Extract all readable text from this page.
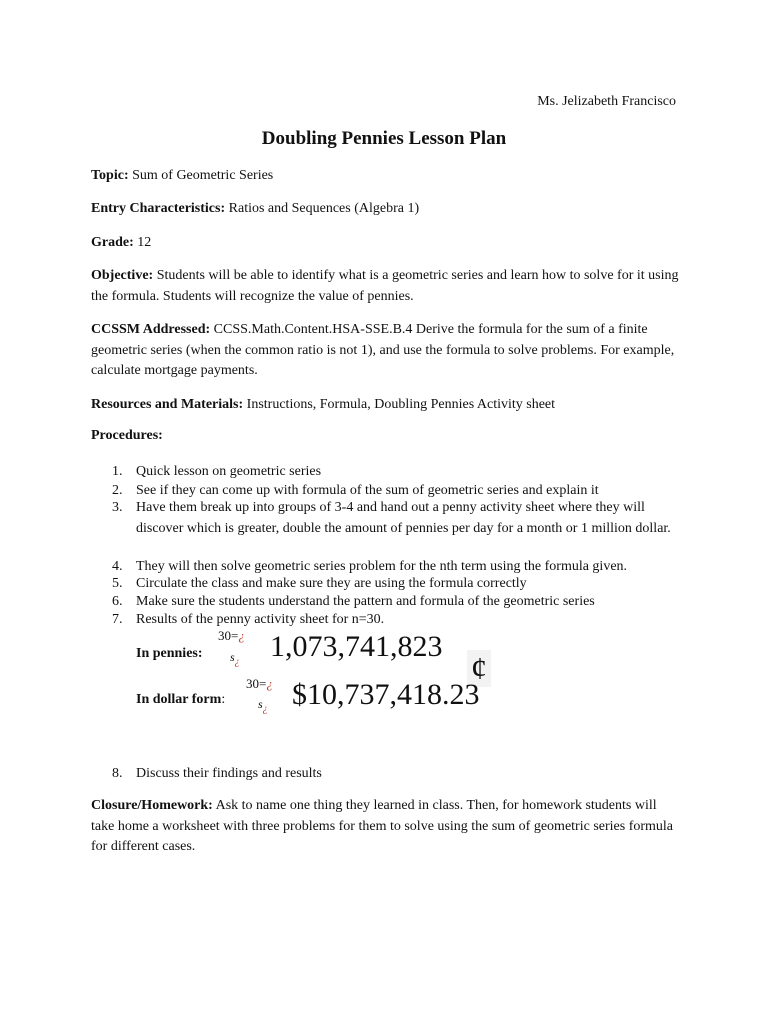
Ms. Jelizabeth Francisco
Doubling Pennies Lesson Plan
Topic: Sum of Geometric Series
Entry Characteristics: Ratios and Sequences (Algebra 1)
Grade: 12
Objective: Students will be able to identify what is a geometric series and learn how to solve for it using the formula. Students will recognize the value of pennies.
CCSSM Addressed: CCSS.Math.Content.HSA-SSE.B.4 Derive the formula for the sum of a finite geometric series (when the common ratio is not 1), and use the formula to solve problems. For example, calculate mortgage payments.
Resources and Materials: Instructions, Formula, Doubling Pennies Activity sheet
Procedures:
1. Quick lesson on geometric series
2. See if they can come up with formula of the sum of geometric series and explain it
3. Have them break up into groups of 3-4 and hand out a penny activity sheet where they will discover which is greater, double the amount of pennies per day for a month or 1 million dollar.
4. They will then solve geometric series problem for the nth term using the formula given.
5. Circulate the class and make sure they are using the formula correctly
6. Make sure the students understand the pattern and formula of the geometric series
7. Results of the penny activity sheet for n=30.
In pennies:
30=¿
$s_¿$ 1,073,741,823
¢
In dollar form:
30=¿
$s_¿$ $10,737,418.23
8. Discuss their findings and results
Closure/Homework: Ask to name one thing they learned in class. Then, for homework students will take home a worksheet with three problems for them to solve using the sum of geometric series formula for different cases.
